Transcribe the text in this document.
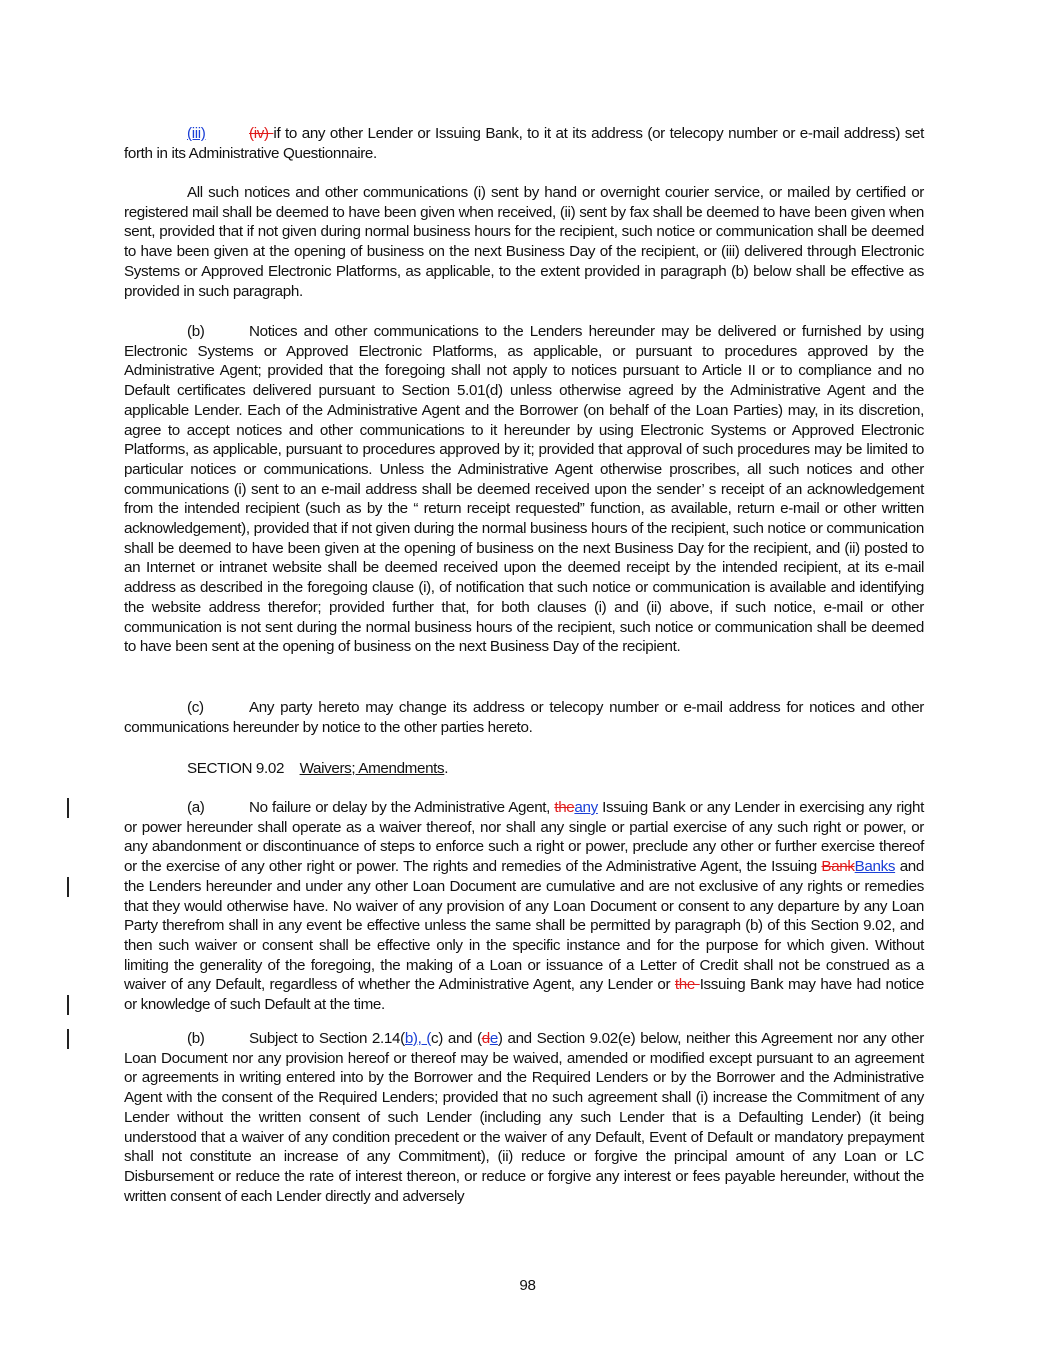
(iii)	(iv) if to any other Lender or Issuing Bank, to it at its address (or telecopy number or e-mail address) set forth in its Administrative Questionnaire.

All such notices and other communications (i) sent by hand or overnight courier service, or mailed by certified or registered mail shall be deemed to have been given when received, (ii) sent by fax shall be deemed to have been given when sent, provided that if not given during normal business hours for the recipient, such notice or communication shall be deemed to have been given at the opening of business on the next Business Day of the recipient, or (iii) delivered through Electronic Systems or Approved Electronic Platforms, as applicable, to the extent provided in paragraph (b) below shall be effective as provided in such paragraph.

(b)	Notices and other communications to the Lenders hereunder may be delivered or furnished by using Electronic Systems or Approved Electronic Platforms, as applicable, or pursuant to procedures approved by the Administrative Agent; provided that the foregoing shall not apply to notices pursuant to Article II or to compliance and no Default certificates delivered pursuant to Section 5.01(d) unless otherwise agreed by the Administrative Agent and the applicable Lender. Each of the Administrative Agent and the Borrower (on behalf of the Loan Parties) may, in its discretion, agree to accept notices and other communications to it hereunder by using Electronic Systems or Approved Electronic Platforms, as applicable, pursuant to procedures approved by it; provided that approval of such procedures may be limited to particular notices or communications. Unless the Administrative Agent otherwise proscribes, all such notices and other communications (i) sent to an e-mail address shall be deemed received upon the sender’ s receipt of an acknowledgement from the intended recipient (such as by the “ return receipt requested” function, as available, return e-mail or other written acknowledgement), provided that if not given during the normal business hours of the recipient, such notice or communication shall be deemed to have been given at the opening of business on the next Business Day for the recipient, and (ii) posted to an Internet or intranet website shall be deemed received upon the deemed receipt by the intended recipient, at its e-mail address as described in the foregoing clause (i), of notification that such notice or communication is available and identifying the website address therefor; provided further that, for both clauses (i) and (ii) above, if such notice, e-mail or other communication is not sent during the normal business hours of the recipient, such notice or communication shall be deemed to have been sent at the opening of business on the next Business Day of the recipient.

(c)	Any party hereto may change its address or telecopy number or e-mail address for notices and other communications hereunder by notice to the other parties hereto.

SECTION 9.02 Waivers; Amendments.

(a)	No failure or delay by the Administrative Agent, theany Issuing Bank or any Lender in exercising any right or power hereunder shall operate as a waiver thereof, nor shall any single or partial exercise of any such right or power, or any abandonment or discontinuance of steps to enforce such a right or power, preclude any other or further exercise thereof or the exercise of any other right or power. The rights and remedies of the Administrative Agent, the Issuing BankBanks and the Lenders hereunder and under any other Loan Document are cumulative and are not exclusive of any rights or remedies that they would otherwise have. No waiver of any provision of any Loan Document or consent to any departure by any Loan Party therefrom shall in any event be effective unless the same shall be permitted by paragraph (b) of this Section 9.02, and then such waiver or consent shall be effective only in the specific instance and for the purpose for which given. Without limiting the generality of the foregoing, the making of a Loan or issuance of a Letter of Credit shall not be construed as a waiver of any Default, regardless of whether the Administrative Agent, any Lender or the Issuing Bank may have had notice or knowledge of such Default at the time.

(b)	Subject to Section 2.14(b), (c) and (de) and Section 9.02(e) below, neither this Agreement nor any other Loan Document nor any provision hereof or thereof may be waived, amended or modified except pursuant to an agreement or agreements in writing entered into by the Borrower and the Required Lenders or by the Borrower and the Administrative Agent with the consent of the Required Lenders; provided that no such agreement shall (i) increase the Commitment of any Lender without the written consent of such Lender (including any such Lender that is a Defaulting Lender) (it being understood that a waiver of any condition precedent or the waiver of any Default, Event of Default or mandatory prepayment shall not constitute an increase of any Commitment), (ii) reduce or forgive the principal amount of any Loan or LC Disbursement or reduce the rate of interest thereon, or reduce or forgive any interest or fees payable hereunder, without the written consent of each Lender directly and adversely

98
